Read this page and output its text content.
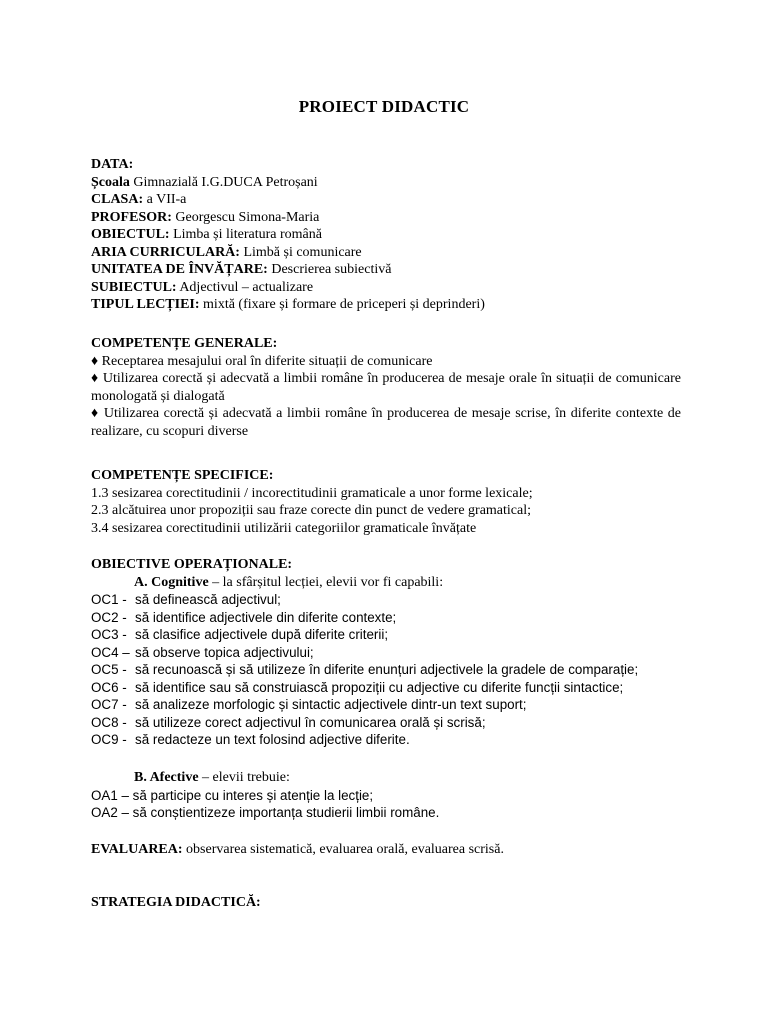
PROIECT DIDACTIC
DATA:
Școala Gimnazială I.G.DUCA Petroșani
CLASA: a VII-a
PROFESOR: Georgescu Simona-Maria
OBIECTUL: Limba și literatura română
ARIA CURRICULARĂ: Limbă și comunicare
UNITATEA DE ÎNVĂȚARE: Descrierea subiectivă
SUBIECTUL: Adjectivul – actualizare
TIPUL LECȚIEI: mixtă (fixare și formare de priceperi și deprinderi)
COMPETENȚE GENERALE:
♦ Receptarea mesajului oral în diferite situații de comunicare
♦ Utilizarea corectă și adecvată a limbii române în producerea de mesaje orale în situații de comunicare monologată și dialogată
♦ Utilizarea corectă și adecvată a limbii române în producerea de mesaje scrise, în diferite contexte de realizare, cu scopuri diverse
COMPETENȚE SPECIFICE:
1.3 sesizarea corectitudinii / incorectitudinii gramaticale a unor forme lexicale;
2.3 alcătuirea unor propoziții sau fraze corecte din punct de vedere gramatical;
3.4 sesizarea corectitudinii utilizării categoriilor gramaticale învățate
OBIECTIVE OPERAȚIONALE:
A. Cognitive – la sfârșitul lecției, elevii vor fi capabili:
OC1 - să definească adjectivul;
OC2 - să identifice adjectivele din diferite contexte;
OC3 - să clasifice adjectivele după diferite criterii;
OC4 – să observe topica adjectivului;
OC5 - să recunoască și să utilizeze în diferite enunțuri adjectivele la gradele de comparație;
OC6 - să identifice sau să construiască propoziții cu adjective cu diferite funcții sintactice;
OC7 - să analizeze morfologic și sintactic adjectivele dintr-un text suport;
OC8 - să utilizeze corect adjectivul în comunicarea orală și scrisă;
OC9 - să redacteze un text folosind adjective diferite.
B. Afective – elevii trebuie:
OA1 – să participe cu interes și atenție la lecție;
OA2 – să conștientizeze importanța studierii limbii române.
EVALUAREA: observarea sistematică, evaluarea orală, evaluarea scrisă.
STRATEGIA DIDACTICĂ:
